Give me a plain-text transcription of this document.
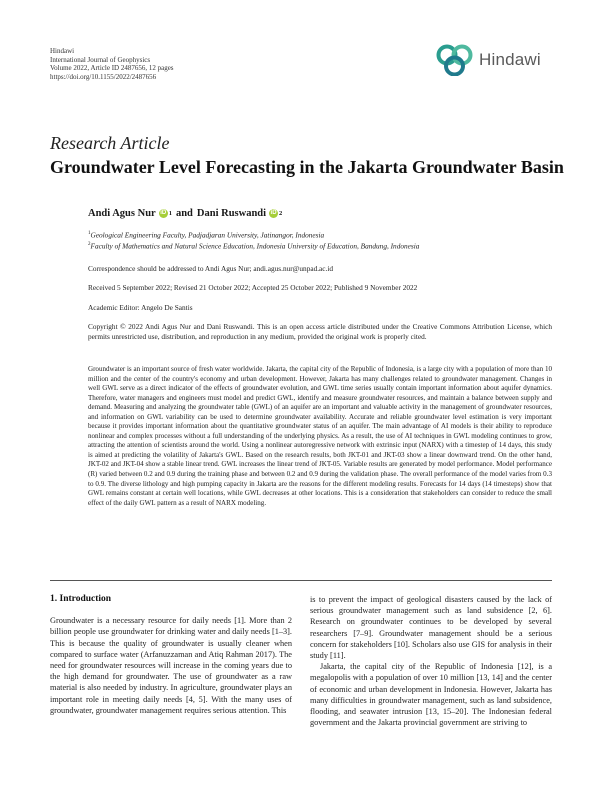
Hindawi
International Journal of Geophysics
Volume 2022, Article ID 2487656, 12 pages
https://doi.org/10.1155/2022/2487656
Hindawi
Research Article
Groundwater Level Forecasting in the Jakarta Groundwater Basin
Andi Agus Nur iD 1 and Dani Ruswandi iD 2
$^1$Geological Engineering Faculty, Padjadjaran University, Jatinangor, Indonesia
$^2$Faculty of Mathematics and Natural Science Education, Indonesia University of Education, Bandung, Indonesia
Correspondence should be addressed to Andi Agus Nur; andi.agus.nur@unpad.ac.id
Received 5 September 2022; Revised 21 October 2022; Accepted 25 October 2022; Published 9 November 2022
Academic Editor: Angelo De Santis
Copyright © 2022 Andi Agus Nur and Dani Ruswandi. This is an open access article distributed under the Creative Commons Attribution License, which permits unrestricted use, distribution, and reproduction in any medium, provided the original work is properly cited.
Groundwater is an important source of fresh water worldwide. Jakarta, the capital city of the Republic of Indonesia, is a large city with a population of more than 10 million and the center of the country's economy and urban development. However, Jakarta has many challenges related to groundwater management. Changes in well GWL serve as a direct indicator of the effects of groundwater evolution, and GWL time series usually contain important information about aquifer dynamics. Therefore, water managers and engineers must model and predict GWL, identify and measure groundwater resources, and maintain a balance between supply and demand. Measuring and analyzing the groundwater table (GWL) of an aquifer are an important and valuable activity in the management of groundwater resources, and information on GWL variability can be used to determine groundwater availability. Accurate and reliable groundwater level estimation is very important because it provides important information about the quantitative groundwater status of an aquifer. The main advantage of AI models is their ability to reproduce nonlinear and complex processes without a full understanding of the underlying physics. As a result, the use of AI techniques in GWL modeling continues to grow, attracting the attention of scientists around the world. Using a nonlinear autoregressive network with extrinsic input (NARX) with a timestep of 14 days, this study is aimed at predicting the volatility of Jakarta's GWL. Based on the research results, both JKT-01 and JKT-03 show a linear downward trend. On the other hand, JKT-02 and JKT-04 show a stable linear trend. GWL increases the linear trend of JKT-05. Variable results are generated by model performance. Model performance (R) varied between 0.2 and 0.9 during the training phase and between 0.2 and 0.9 during the validation phase. The overall performance of the model varies from 0.3 to 0.9. The diverse lithology and high pumping capacity in Jakarta are the reasons for the different modeling results. Forecasts for 14 days (14 timesteps) show that GWL remains constant at certain well locations, while GWL decreases at other locations. This is a consideration that stakeholders can consider to reduce the small effect of the daily GWL pattern as a result of NARX modeling.
1. Introduction

Groundwater is a necessary resource for daily needs [1]. More than 2 billion people use groundwater for drinking water and daily needs [1–3]. This is because the quality of groundwater is usually cleaner when compared to surface water (Arfanuzzaman and Atiq Rahman 2017). The need for groundwater resources will increase in the coming years due to the high demand for groundwater. The use of groundwater as a raw material is also needed by industry. In agriculture, groundwater plays an important role in meeting daily needs [4, 5]. With the many uses of groundwater, groundwater management requires serious attention. This

is to prevent the impact of geological disasters caused by the lack of serious groundwater management such as land subsidence [2, 6]. Research on groundwater continues to be developed by several researchers [7–9]. Groundwater management should be a serious concern for stakeholders [10]. Scholars also use GIS for analysis in their study [11].

Jakarta, the capital city of the Republic of Indonesia [12], is a megalopolis with a population of over 10 million [13, 14] and the center of economic and urban development in Indonesia. However, Jakarta has many difficulties in groundwater management, such as land subsidence, flooding, and seawater intrusion [13, 15–20]. The Indonesian federal government and the Jakarta provincial government are striving to
